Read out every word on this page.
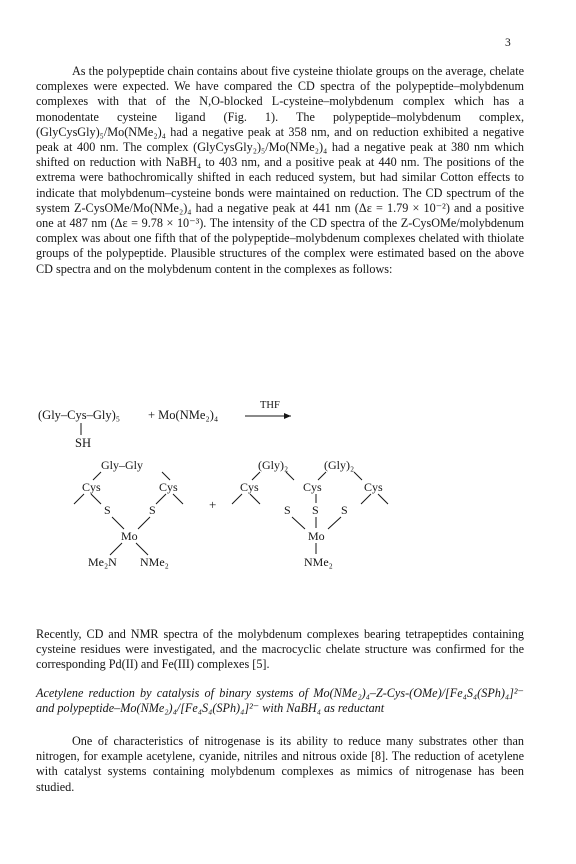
3

As the polypeptide chain contains about five cysteine thiolate groups on the average, chelate complexes were expected. We have compared the CD spectra of the polypeptide–molybdenum complexes with that of the N,O-blocked L-cysteine–molybdenum complex which has a monodentate cysteine ligand (Fig. 1). The polypeptide–molybdenum complex, (GlyCysGly)₅/Mo(NMe₂)₄ had a negative peak at 358 nm, and on reduction exhibited a negative peak at 400 nm. The complex (GlyCysGly₂)₅/Mo(NMe₂)₄ had a negative peak at 380 nm which shifted on reduction with NaBH₄ to 403 nm, and a positive peak at 440 nm. The positions of the extrema were bathochromically shifted in each reduced system, but had similar Cotton effects to indicate that molybdenum–cysteine bonds were maintained on reduction. The CD spectrum of the system Z-CysOMe/Mo(NMe₂)₄ had a negative peak at 441 nm (Δε = 1.79 × 10⁻²) and a positive one at 487 nm (Δε = 9.78 × 10⁻³). The intensity of the CD spectra of the Z-CysOMe/molybdenum complex was about one fifth that of the polypeptide–molybdenum complexes chelated with thiolate groups of the polypeptide. Plausible structures of the complex were estimated based on the above CD spectra and on the molybdenum content in the complexes as follows:

(Gly–Cys–Gly)₅
SH
+ Mo(NMe₂)₄
THF
Gly–Gly
Cys	Cys
S	S
Mo
Me₂N NMe₂
+
(Gly)₂	(Gly)₂
Cys	Cys	Cys
S S S
Mo
NMe₂

Recently, CD and NMR spectra of the molybdenum complexes bearing tetrapeptides containing cysteine residues were investigated, and the macrocyclic chelate structure was confirmed for the corresponding Pd(II) and Fe(III) complexes [5].

Acetylene reduction by catalysis of binary systems of Mo(NMe₂)₄–Z-Cys-(OMe)/[Fe₄S₄(SPh)₄]²⁻ and polypeptide–Mo(NMe₂)₄/[Fe₄S₄(SPh)₄]²⁻ with NaBH₄ as reductant

One of characteristics of nitrogenase is its ability to reduce many substrates other than nitrogen, for example acetylene, cyanide, nitriles and nitrous oxide [8]. The reduction of acetylene with catalyst systems containing molybdenum complexes as mimics of nitrogenase has been studied.
